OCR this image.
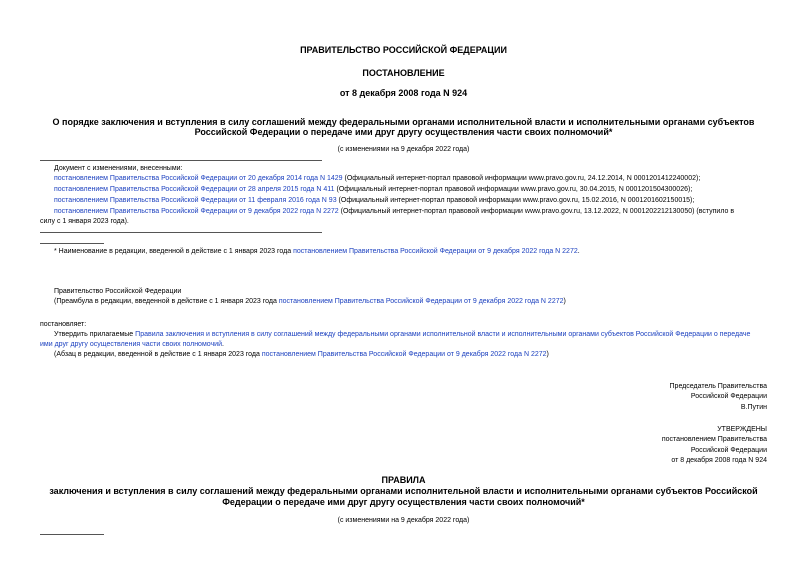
ПРАВИТЕЛЬСТВО РОССИЙСКОЙ ФЕДЕРАЦИИ
ПОСТАНОВЛЕНИЕ
от 8 декабря 2008 года N 924
О порядке заключения и вступления в силу соглашений между федеральными органами исполнительной власти и исполнительными органами субъектов
Российской Федерации о передаче ими друг другу осуществления части своих полномочий*
(с изменениями на 9 декабря 2022 года)
Документ с изменениями, внесенными:
постановлением Правительства Российской Федерации от 20 декабря 2014 года N 1429 (Официальный интернет-портал правовой информации www.pravo.gov.ru, 24.12.2014, N 0001201412240002);
постановлением Правительства Российской Федерации от 28 апреля 2015 года N 411 (Официальный интернет-портал правовой информации www.pravo.gov.ru, 30.04.2015, N 0001201504300026);
постановлением Правительства Российской Федерации от 11 февраля 2016 года N 93 (Официальный интернет-портал правовой информации www.pravo.gov.ru, 15.02.2016, N 0001201602150015);
постановлением Правительства Российской Федерации от 9 декабря 2022 года N 2272 (Официальный интернет-портал правовой информации www.pravo.gov.ru, 13.12.2022, N 0001202212130050) (вступило в
силу с 1 января 2023 года).
* Наименование в редакции, введенной в действие с 1 января 2023 года постановлением Правительства Российской Федерации от 9 декабря 2022 года N 2272.
Правительство Российской Федерации
(Преамбула в редакции, введенной в действие с 1 января 2023 года постановлением Правительства Российской Федерации от 9 декабря 2022 года N 2272)
постановляет:
Утвердить прилагаемые Правила заключения и вступления в силу соглашений между федеральными органами исполнительной власти и исполнительными органами субъектов Российской Федерации о передаче
ими друг другу осуществления части своих полномочий.
(Абзац в редакции, введенной в действие с 1 января 2023 года постановлением Правительства Российской Федерации от 9 декабря 2022 года N 2272)
Председатель Правительства
Российской Федерации
В.Путин
УТВЕРЖДЕНЫ
постановлением Правительства
Российской Федерации
от 8 декабря 2008 года N 924
ПРАВИЛА
заключения и вступления в силу соглашений между федеральными органами исполнительной власти и исполнительными органами субъектов Российской
Федерации о передаче ими друг другу осуществления части своих полномочий*
(с изменениями на 9 декабря 2022 года)
